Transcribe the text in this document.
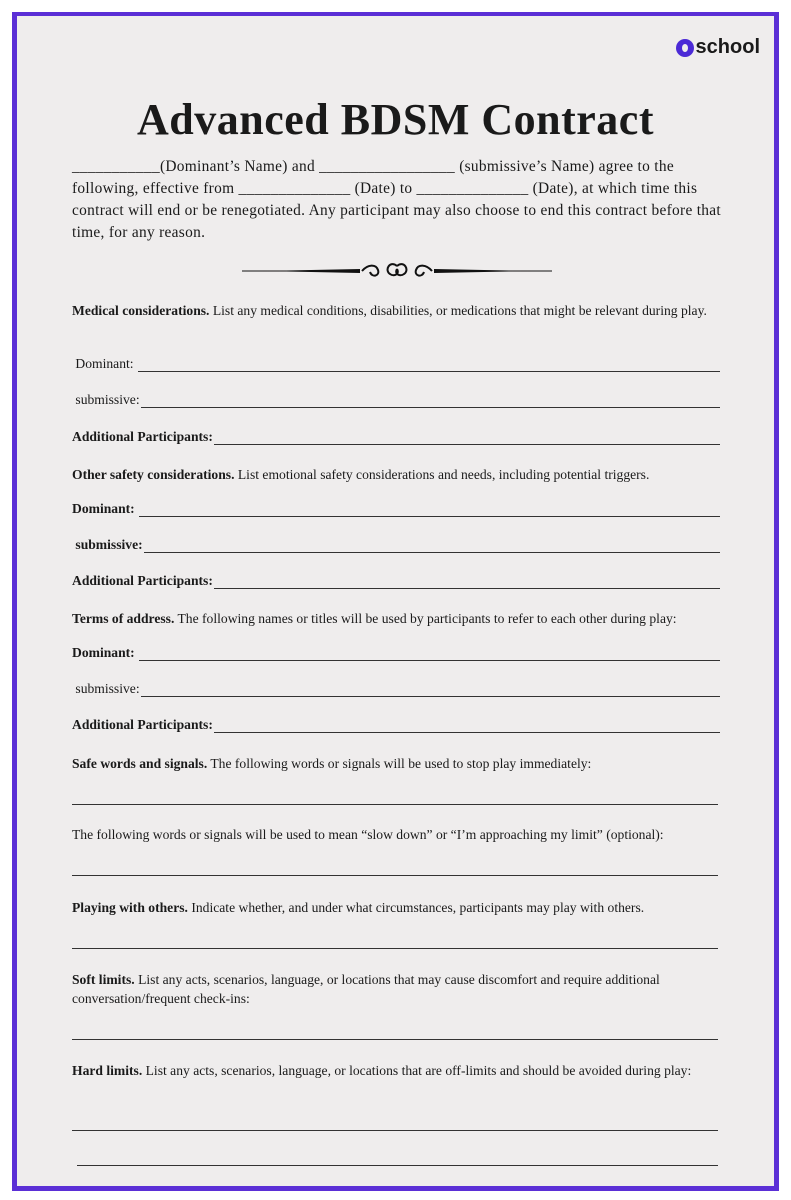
school
Advanced BDSM Contract
___________(Dominant’s Name) and _________________ (submissive’s Name) agree to the following, effective from ______________ (Date) to ______________ (Date), at which time this contract will end or be renegotiated. Any participant may also choose to end this contract before that time, for any reason.
Medical considerations. List any medical conditions, disabilities, or medications that might be relevant during play.
Dominant:
submissive:
Additional Participants:
Other safety considerations. List emotional safety considerations and needs, including potential triggers.
Dominant:
submissive:
Additional Participants:
Terms of address. The following names or titles will be used by participants to refer to each other during play:
Dominant:
submissive:
Additional Participants:
Safe words and signals. The following words or signals will be used to stop play immediately:
The following words or signals will be used to mean “slow down” or “I’m approaching my limit” (optional):
Playing with others. Indicate whether, and under what circumstances, participants may play with others.
Soft limits. List any acts, scenarios, language, or locations that may cause discomfort and require additional conversation/frequent check-ins:
Hard limits. List any acts, scenarios, language, or locations that are off-limits and should be avoided during play:
